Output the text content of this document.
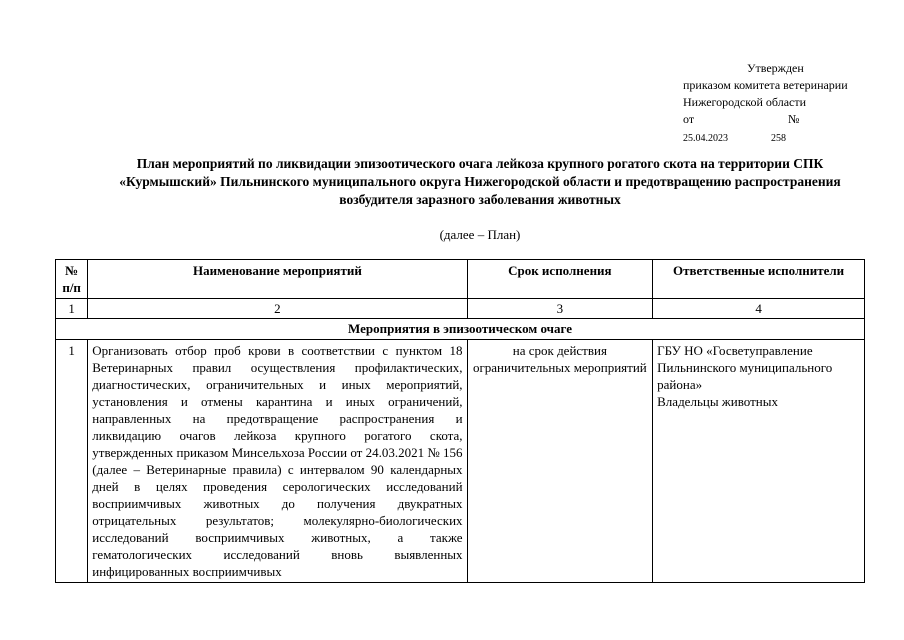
Утвержден
приказом комитета ветеринарии
Нижегородской области
от	№
25.04.2023	258
План мероприятий по ликвидации эпизоотического очага лейкоза крупного рогатого скота на территории СПК «Курмышский» Пильнинского муниципального округа Нижегородской области и предотвращению распространения возбудителя заразного заболевания животных
(далее – План)
№ п/п	Наименование мероприятий	Срок исполнения	Ответственные исполнители
1	2	3	4
Мероприятия в эпизоотическом очаге			
1	Организовать отбор проб крови в соответствии с пунктом 18 Ветеринарных правил осуществления профилактических, диагностических, ограничительных и иных мероприятий, установления и отмены карантина и иных ограничений, направленных на предотвращение распространения и ликвидацию очагов лейкоза крупного рогатого скота, утвержденных приказом Минсельхоза России от 24.03.2021 № 156 (далее – Ветеринарные правила) с интервалом 90 календарных дней в целях проведения серологических исследований восприимчивых животных до получения двукратных отрицательных результатов; молекулярно-биологических исследований восприимчивых животных, а также гематологических исследований вновь выявленных инфицированных восприимчивых	на срок действия ограничительных мероприятий	ГБУ НО «Госветуправление Пильнинского муниципального района»
Владельцы животных
